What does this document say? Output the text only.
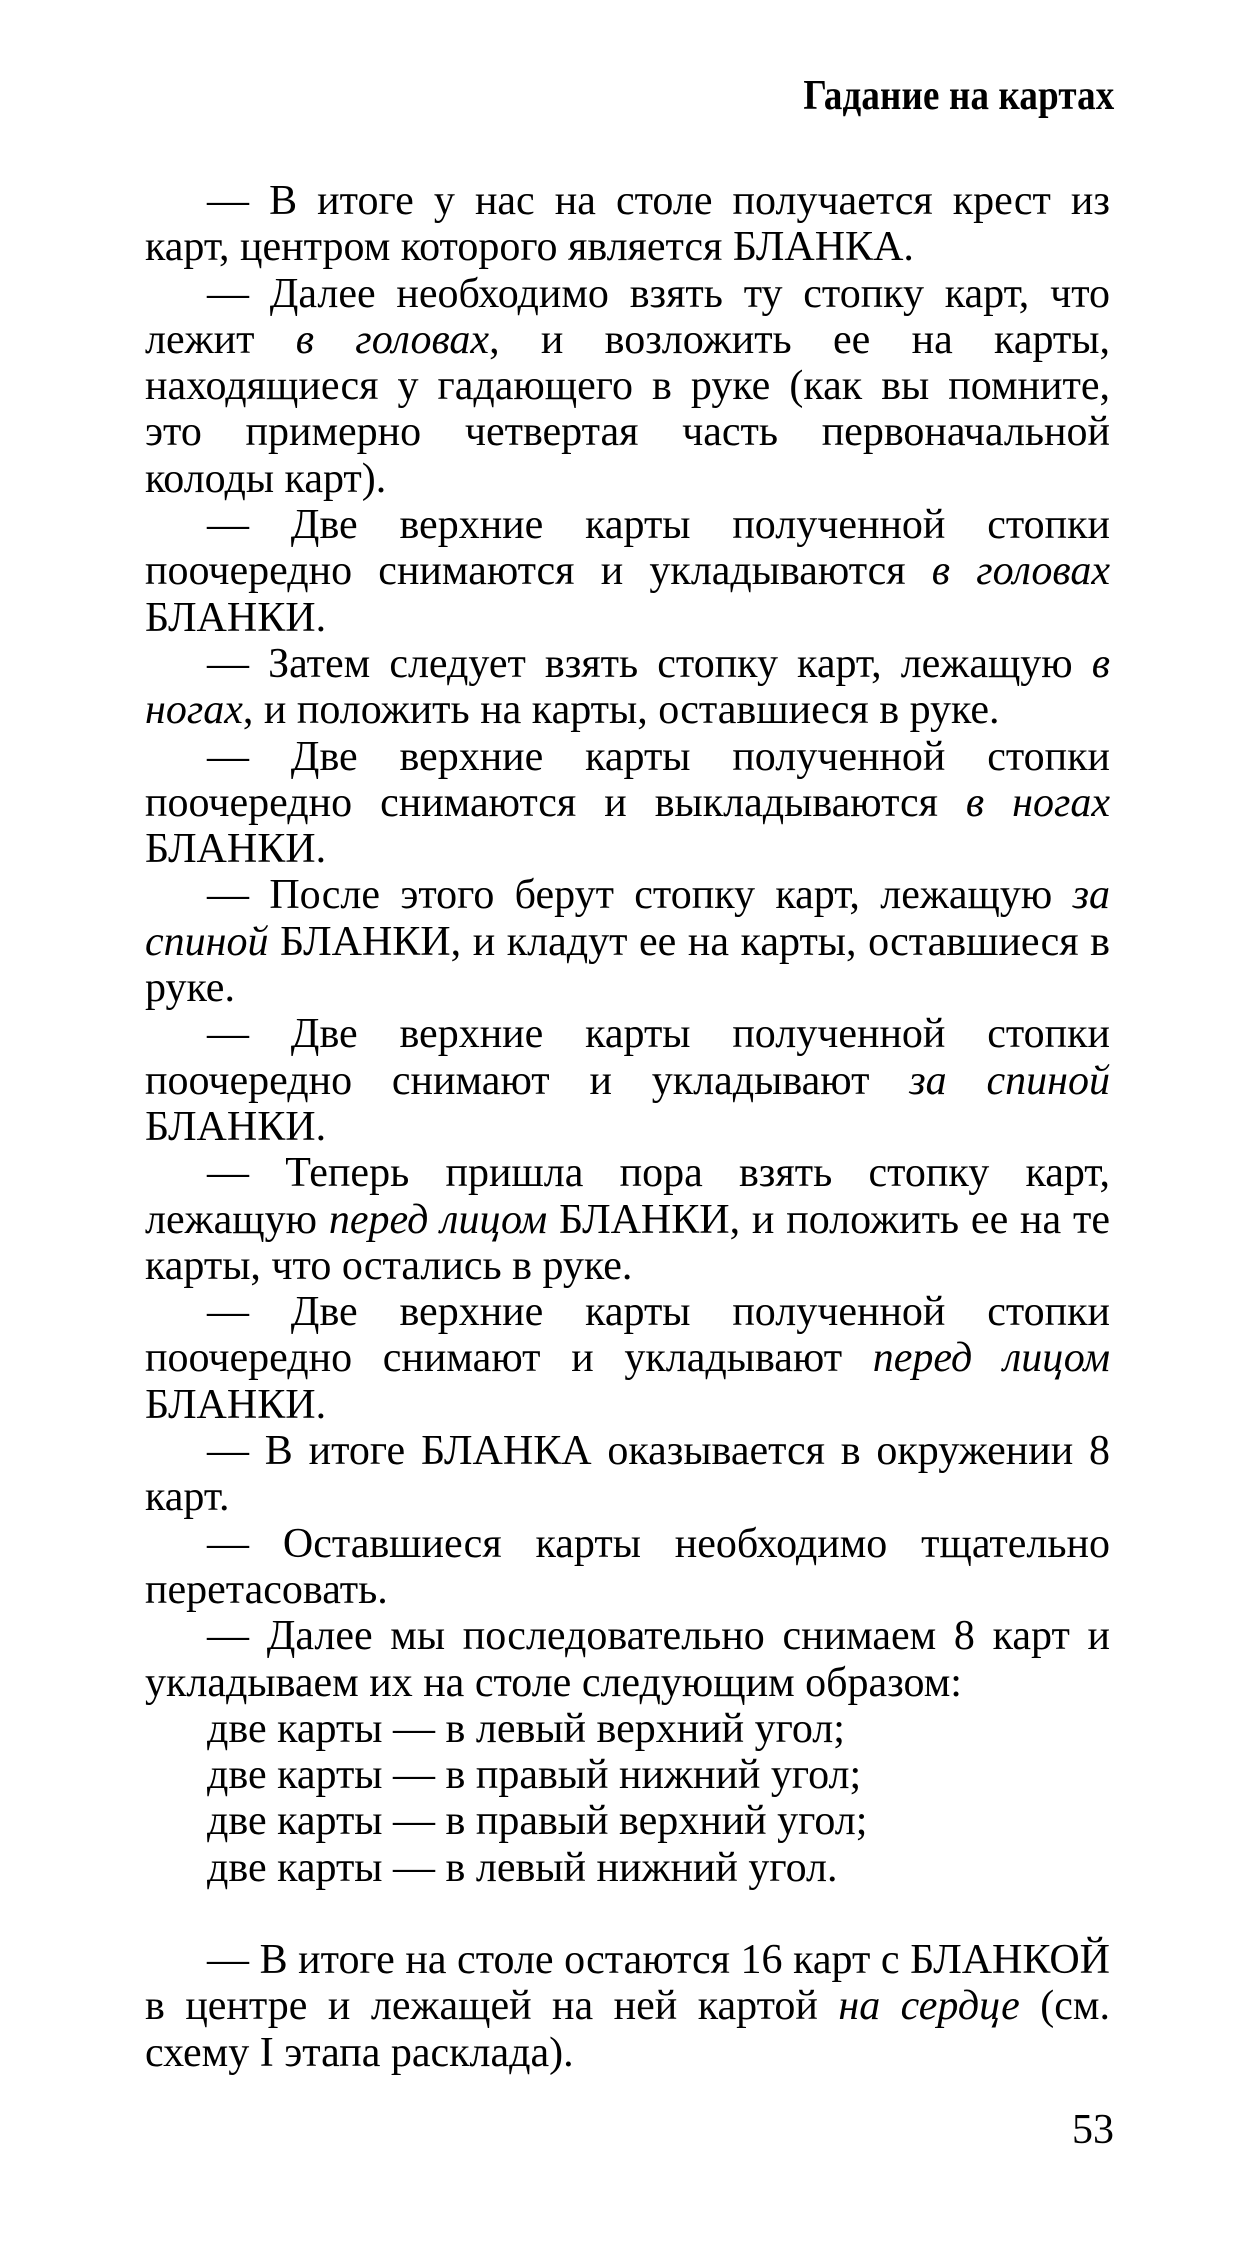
Гадание на картах

— В итоге у нас на столе получается крест из карт, центром которого является БЛАНКА.

— Далее необходимо взять ту стопку карт, что лежит в головах, и возложить ее на карты, находящиеся у гадающего в руке (как вы помните, это примерно четвертая часть первоначальной колоды карт).

— Две верхние карты полученной стопки поочередно снимаются и укладываются в головах БЛАНКИ.

— Затем следует взять стопку карт, лежащую в ногах, и положить на карты, оставшиеся в руке.

— Две верхние карты полученной стопки поочередно снимаются и выкладываются в ногах БЛАНКИ.

— После этого берут стопку карт, лежащую за спиной БЛАНКИ, и кладут ее на карты, оставшиеся в руке.

— Две верхние карты полученной стопки поочередно снимают и укладывают за спиной БЛАНКИ.

— Теперь пришла пора взять стопку карт, лежащую перед лицом БЛАНКИ, и положить ее на те карты, что остались в руке.

— Две верхние карты полученной стопки поочередно снимают и укладывают перед лицом БЛАНКИ.

— В итоге БЛАНКА оказывается в окружении 8 карт.

— Оставшиеся карты необходимо тщательно перетасовать.

— Далее мы последовательно снимаем 8 карт и укладываем их на столе следующим образом:

две карты — в левый верхний угол;
две карты — в правый нижний угол;
две карты — в правый верхний угол;
две карты — в левый нижний угол.

— В итоге на столе остаются 16 карт с БЛАНКОЙ в центре и лежащей на ней картой на сердце (см. схему I этапа расклада).

53
